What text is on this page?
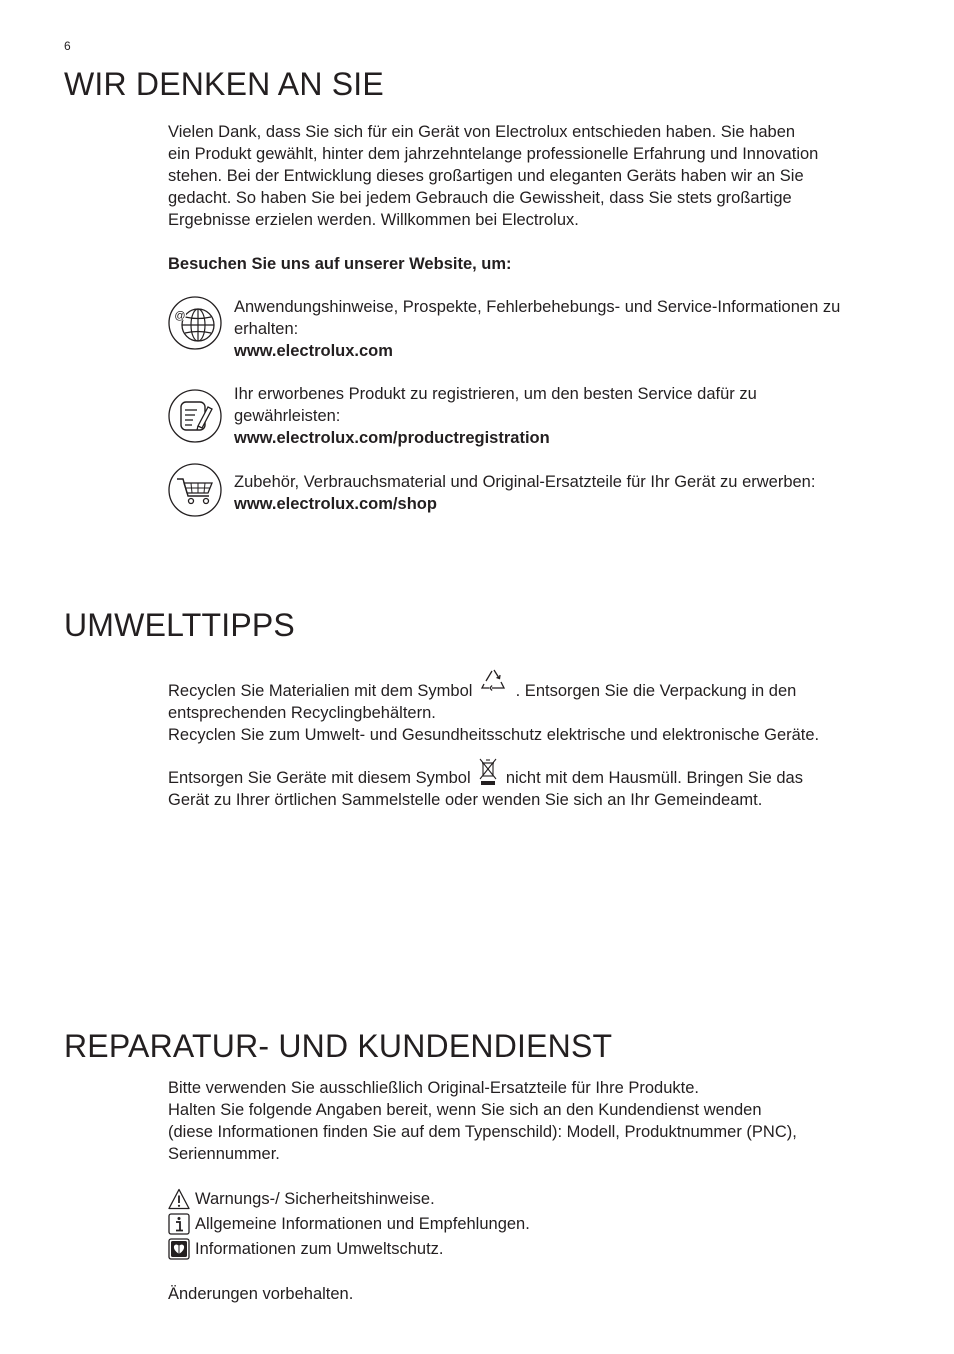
6
WIR DENKEN AN SIE

Vielen Dank, dass Sie sich für ein Gerät von Electrolux entschieden haben. Sie haben

ein Produkt gewählt, hinter dem jahrzehntelange professionelle Erfahrung und Innovation

stehen. Bei der Entwicklung dieses großartigen und eleganten Geräts haben wir an Sie

gedacht. So haben Sie bei jedem Gebrauch die Gewissheit, dass Sie stets großartige

Ergebnisse erzielen werden. Willkommen bei Electrolux.

Besuchen Sie uns auf unserer Website, um:
@	Anwendungshinweise, Prospekte, Fehlerbehebungs- und Service-Informationen zu
erhalten:
www.electrolux.com
Ihr erworbenes Produkt zu registrieren, um den besten Service dafür zu
gewährleisten:
www.electrolux.com/productregistration
Zubehör, Verbrauchsmaterial und Original-Ersatzteile für Ihr Gerät zu erwerben:
www.electrolux.com/shop
UMWELTTIPPS

Recyclen Sie Materialien mit dem Symbol	. Entsorgen Sie die Verpackung in den

entsprechenden Recyclingbehältern.

Recyclen Sie zum Umwelt- und Gesundheitsschutz elektrische und elektronische Geräte.

Entsorgen Sie Geräte mit diesem Symbol nicht mit dem Hausmüll. Bringen Sie das

Gerät zu Ihrer örtlichen Sammelstelle oder wenden Sie sich an Ihr Gemeindeamt.

REPARATUR- UND KUNDENDIENST

Bitte verwenden Sie ausschließlich Original-Ersatzteile für Ihre Produkte.

Halten Sie folgende Angaben bereit, wenn Sie sich an den Kundendienst wenden

(diese Informationen finden Sie auf dem Typenschild): Modell, Produktnummer (PNC),

Seriennummer.

Warnungs-/ Sicherheitshinweise.
Allgemeine Informationen und Empfehlungen.
Informationen zum Umweltschutz.
Änderungen vorbehalten.
